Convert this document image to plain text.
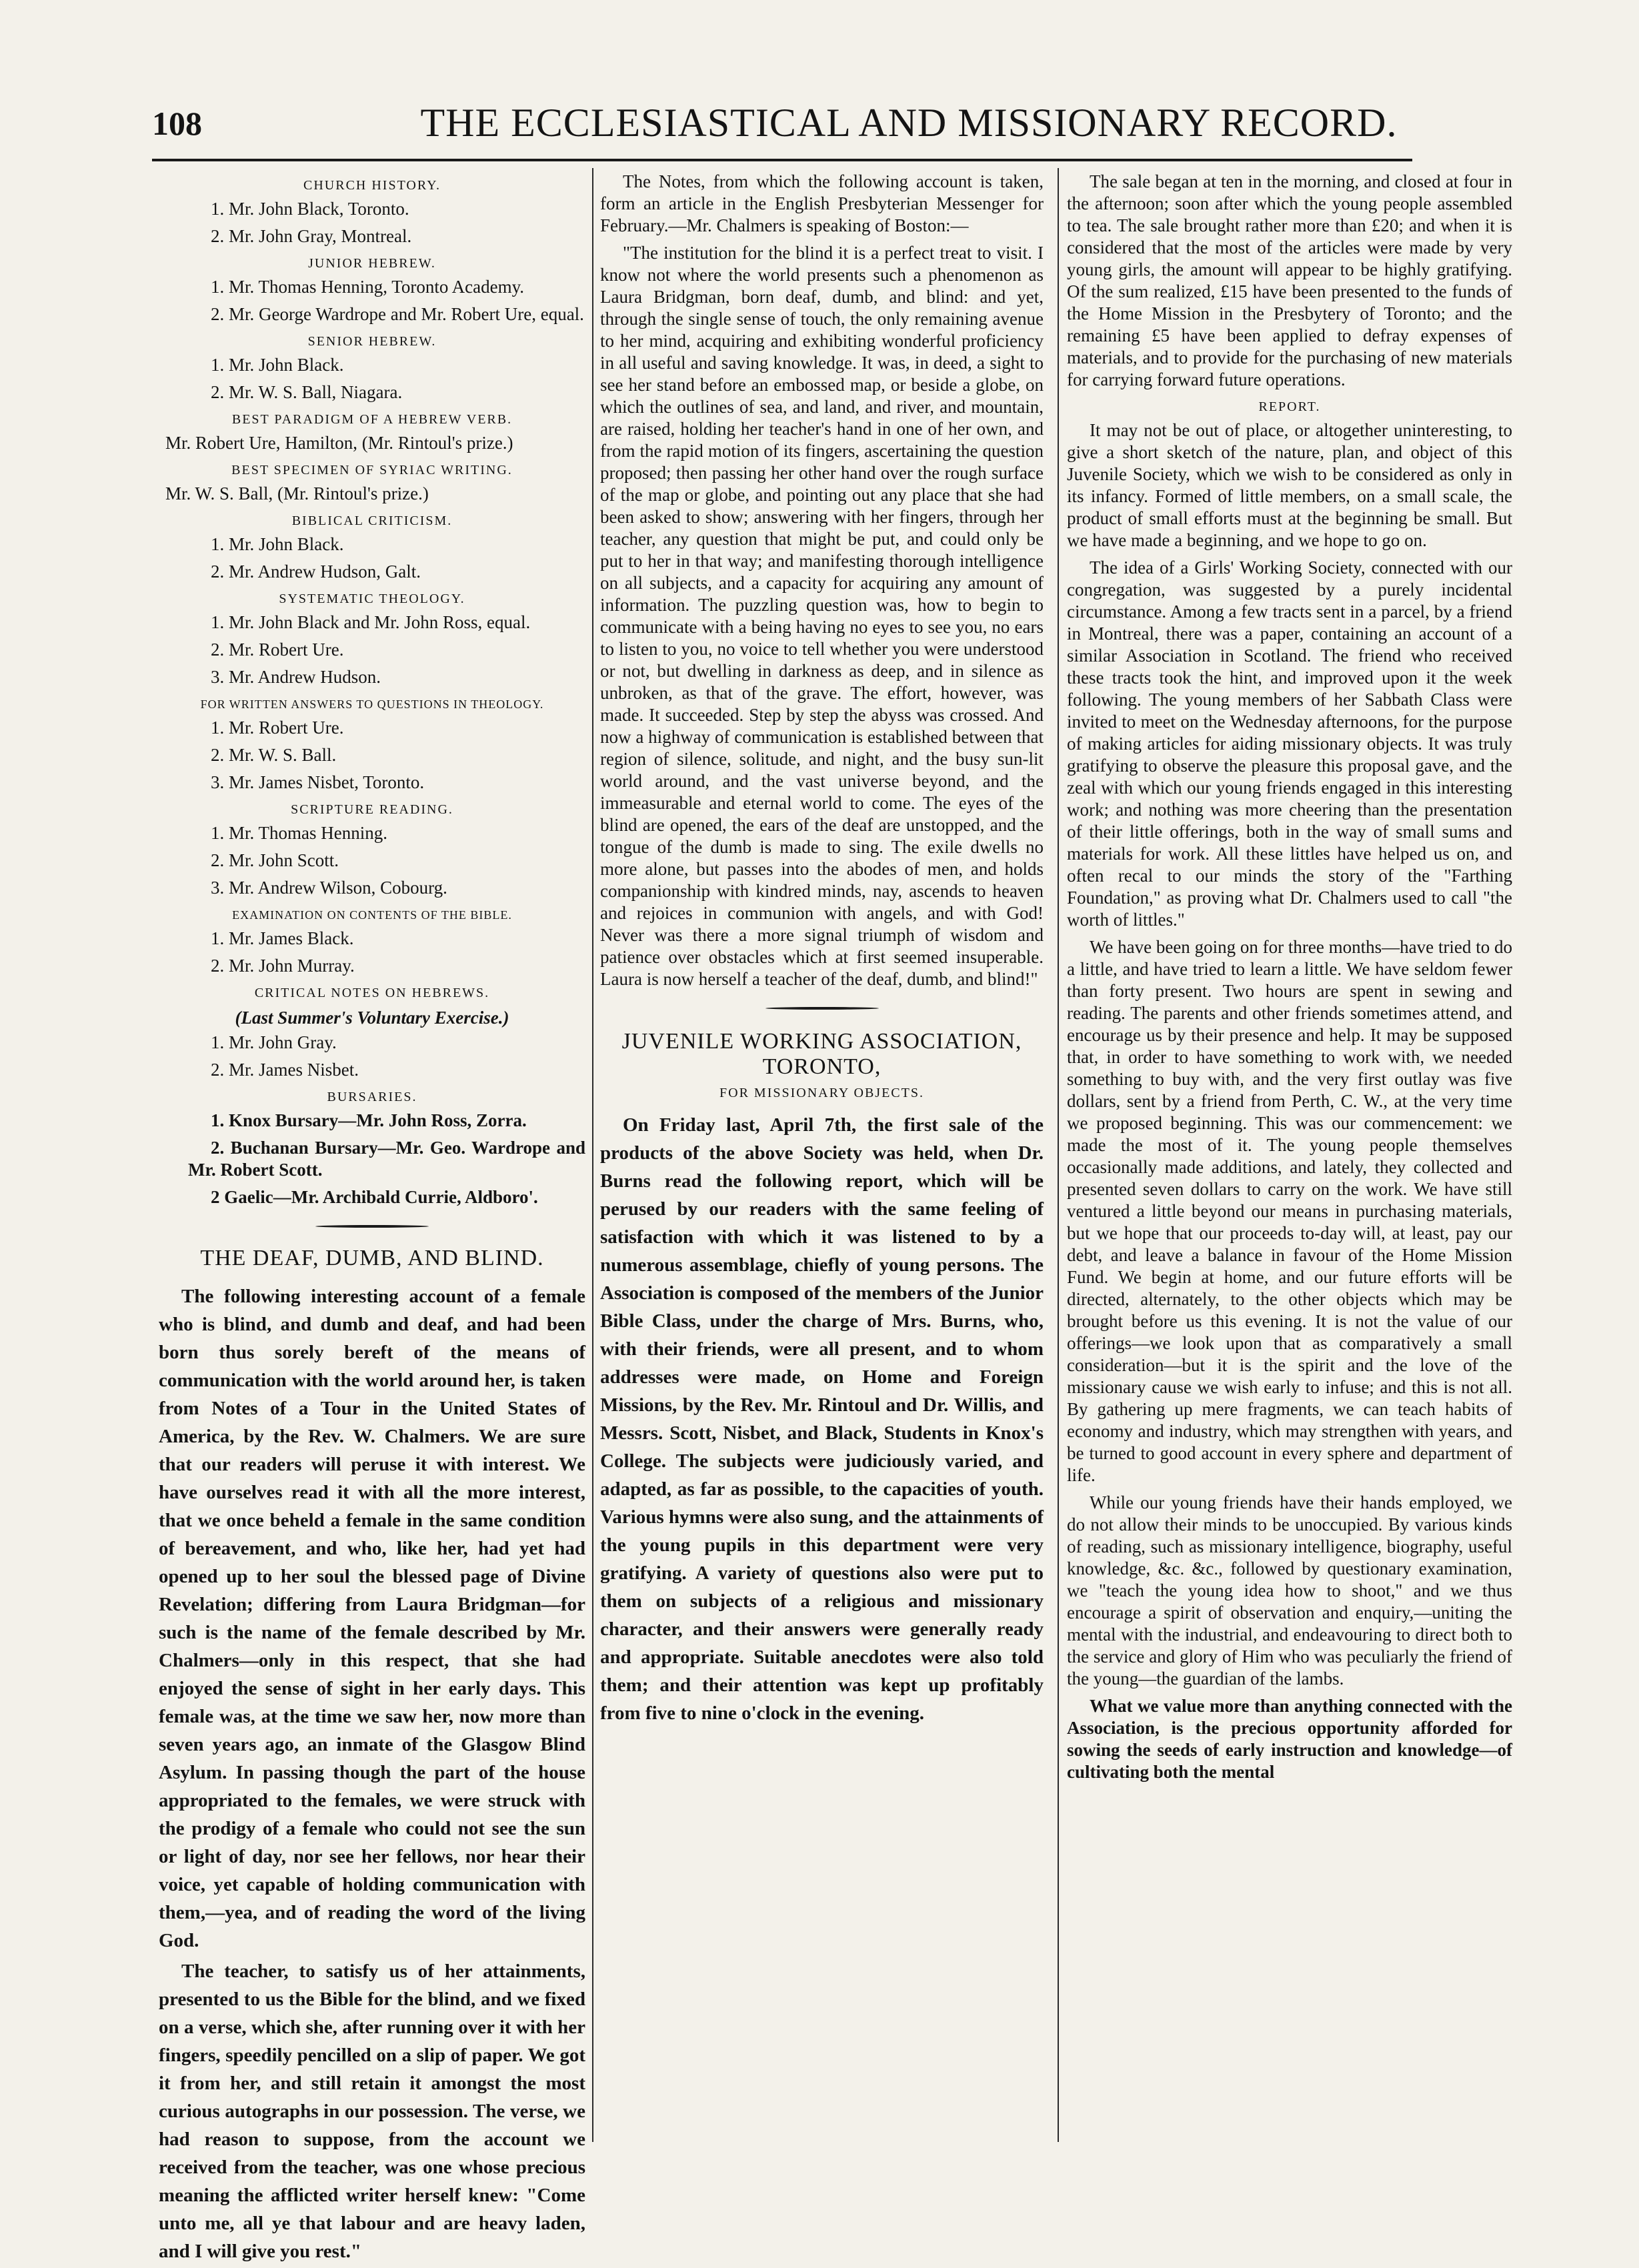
108	THE ECCLESIASTICAL AND MISSIONARY RECORD.
CHURCH HISTORY.

1. Mr. John Black, Toronto.

2. Mr. John Gray, Montreal.

JUNIOR HEBREW.

1. Mr. Thomas Henning, Toronto Academy.

2. Mr. George Wardrope and Mr. Robert Ure, equal.

SENIOR HEBREW.

1. Mr. John Black.

2. Mr. W. S. Ball, Niagara.

BEST PARADIGM OF A HEBREW VERB.

Mr. Robert Ure, Hamilton, (Mr. Rintoul's prize.)

BEST SPECIMEN OF SYRIAC WRITING.

Mr. W. S. Ball, (Mr. Rintoul's prize.)

BIBLICAL CRITICISM.

1. Mr. John Black.

2. Mr. Andrew Hudson, Galt.

SYSTEMATIC THEOLOGY.

1. Mr. John Black and Mr. John Ross, equal.

2. Mr. Robert Ure.

3. Mr. Andrew Hudson.

FOR WRITTEN ANSWERS TO QUESTIONS IN THEOLOGY.

1. Mr. Robert Ure.

2. Mr. W. S. Ball.

3. Mr. James Nisbet, Toronto.

SCRIPTURE READING.

1. Mr. Thomas Henning.

2. Mr. John Scott.

3. Mr. Andrew Wilson, Cobourg.

EXAMINATION ON CONTENTS OF THE BIBLE.

1. Mr. James Black.

2. Mr. John Murray.

CRITICAL NOTES ON HEBREWS.
(Last Summer's Voluntary Exercise.)

1. Mr. John Gray.

2. Mr. James Nisbet.

BURSARIES.

1. Knox Bursary—Mr. John Ross, Zorra.

2. Buchanan Bursary—Mr. Geo. Wardrope and Mr. Robert Scott.

2 Gaelic—Mr. Archibald Currie, Aldboro'.

THE DEAF, DUMB, AND BLIND.

The following interesting account of a female who is blind, and dumb and deaf, and had been born thus sorely bereft of the means of communication with the world around her, is taken from Notes of a Tour in the United States of America, by the Rev. W. Chalmers. We are sure that our readers will peruse it with interest. We have ourselves read it with all the more interest, that we once beheld a female in the same condition of bereavement, and who, like her, had yet had opened up to her soul the blessed page of Divine Revelation; differing from Laura Bridgman—for such is the name of the female described by Mr. Chalmers—only in this respect, that she had enjoyed the sense of sight in her early days. This female was, at the time we saw her, now more than seven years ago, an inmate of the Glasgow Blind Asylum. In passing though the part of the house appropriated to the females, we were struck with the prodigy of a female who could not see the sun or light of day, nor see her fellows, nor hear their voice, yet capable of holding communication with them,—yea, and of reading the word of the living God.

The teacher, to satisfy us of her attainments, presented to us the Bible for the blind, and we fixed on a verse, which she, after running over it with her fingers, speedily pencilled on a slip of paper. We got it from her, and still retain it amongst the most curious autographs in our possession. The verse, we had reason to suppose, from the account we received from the teacher, was one whose precious meaning the afflicted writer herself knew: "Come unto me, all ye that labour and are heavy laden, and I will give you rest."

The Notes, from which the following account is taken, form an article in the English Presbyterian Messenger for February.—Mr. Chalmers is speaking of Boston:—

"The institution for the blind it is a perfect treat to visit. I know not where the world presents such a phenomenon as Laura Bridgman, born deaf, dumb, and blind: and yet, through the single sense of touch, the only remaining avenue to her mind, acquiring and exhibiting wonderful proficiency in all useful and saving knowledge. It was, in deed, a sight to see her stand before an embossed map, or beside a globe, on which the outlines of sea, and land, and river, and mountain, are raised, holding her teacher's hand in one of her own, and from the rapid motion of its fingers, ascertaining the question proposed; then passing her other hand over the rough surface of the map or globe, and pointing out any place that she had been asked to show; answering with her fingers, through her teacher, any question that might be put, and could only be put to her in that way; and manifesting thorough intelligence on all subjects, and a capacity for acquiring any amount of information. The puzzling question was, how to begin to communicate with a being having no eyes to see you, no ears to listen to you, no voice to tell whether you were understood or not, but dwelling in darkness as deep, and in silence as unbroken, as that of the grave. The effort, however, was made. It succeeded. Step by step the abyss was crossed. And now a highway of communication is established between that region of silence, solitude, and night, and the busy sun-lit world around, and the vast universe beyond, and the immeasurable and eternal world to come. The eyes of the blind are opened, the ears of the deaf are unstopped, and the tongue of the dumb is made to sing. The exile dwells no more alone, but passes into the abodes of men, and holds companionship with kindred minds, nay, ascends to heaven and rejoices in communion with angels, and with God! Never was there a more signal triumph of wisdom and patience over obstacles which at first seemed insuperable. Laura is now herself a teacher of the deaf, dumb, and blind!"

JUVENILE WORKING ASSOCIATION, TORONTO,
FOR MISSIONARY OBJECTS.

On Friday last, April 7th, the first sale of the products of the above Society was held, when Dr. Burns read the following report, which will be perused by our readers with the same feeling of satisfaction with which it was listened to by a numerous assemblage, chiefly of young persons. The Association is composed of the members of the Junior Bible Class, under the charge of Mrs. Burns, who, with their friends, were all present, and to whom addresses were made, on Home and Foreign Missions, by the Rev. Mr. Rintoul and Dr. Willis, and Messrs. Scott, Nisbet, and Black, Students in Knox's College. The subjects were judiciously varied, and adapted, as far as possible, to the capacities of youth. Various hymns were also sung, and the attainments of the young pupils in this department were very gratifying. A variety of questions also were put to them on subjects of a religious and missionary character, and their answers were generally ready and appropriate. Suitable anecdotes were also told them; and their attention was kept up profitably from five to nine o'clock in the evening.

The sale began at ten in the morning, and closed at four in the afternoon; soon after which the young people assembled to tea. The sale brought rather more than £20; and when it is considered that the most of the articles were made by very young girls, the amount will appear to be highly gratifying. Of the sum realized, £15 have been presented to the funds of the Home Mission in the Presbytery of Toronto; and the remaining £5 have been applied to defray expenses of materials, and to provide for the purchasing of new materials for carrying forward future operations.

REPORT.

It may not be out of place, or altogether uninteresting, to give a short sketch of the nature, plan, and object of this Juvenile Society, which we wish to be considered as only in its infancy. Formed of little members, on a small scale, the product of small efforts must at the beginning be small. But we have made a beginning, and we hope to go on.

The idea of a Girls' Working Society, connected with our congregation, was suggested by a purely incidental circumstance. Among a few tracts sent in a parcel, by a friend in Montreal, there was a paper, containing an account of a similar Association in Scotland. The friend who received these tracts took the hint, and improved upon it the week following. The young members of her Sabbath Class were invited to meet on the Wednesday afternoons, for the purpose of making articles for aiding missionary objects. It was truly gratifying to observe the pleasure this proposal gave, and the zeal with which our young friends engaged in this interesting work; and nothing was more cheering than the presentation of their little offerings, both in the way of small sums and materials for work. All these littles have helped us on, and often recal to our minds the story of the "Farthing Foundation," as proving what Dr. Chalmers used to call "the worth of littles."

We have been going on for three months—have tried to do a little, and have tried to learn a little. We have seldom fewer than forty present. Two hours are spent in sewing and reading. The parents and other friends sometimes attend, and encourage us by their presence and help. It may be supposed that, in order to have something to work with, we needed something to buy with, and the very first outlay was five dollars, sent by a friend from Perth, C. W., at the very time we proposed beginning. This was our commencement: we made the most of it. The young people themselves occasionally made additions, and lately, they collected and presented seven dollars to carry on the work. We have still ventured a little beyond our means in purchasing materials, but we hope that our proceeds to-day will, at least, pay our debt, and leave a balance in favour of the Home Mission Fund. We begin at home, and our future efforts will be directed, alternately, to the other objects which may be brought before us this evening. It is not the value of our offerings—we look upon that as comparatively a small consideration—but it is the spirit and the love of the missionary cause we wish early to infuse; and this is not all. By gathering up mere fragments, we can teach habits of economy and industry, which may strengthen with years, and be turned to good account in every sphere and department of life.

While our young friends have their hands employed, we do not allow their minds to be unoccupied. By various kinds of reading, such as missionary intelligence, biography, useful knowledge, &c. &c., followed by questionary examination, we "teach the young idea how to shoot," and we thus encourage a spirit of observation and enquiry,—uniting the mental with the industrial, and endeavouring to direct both to the service and glory of Him who was peculiarly the friend of the young—the guardian of the lambs.

What we value more than anything connected with the Association, is the precious opportunity afforded for sowing the seeds of early instruction and knowledge—of cultivating both the mental
